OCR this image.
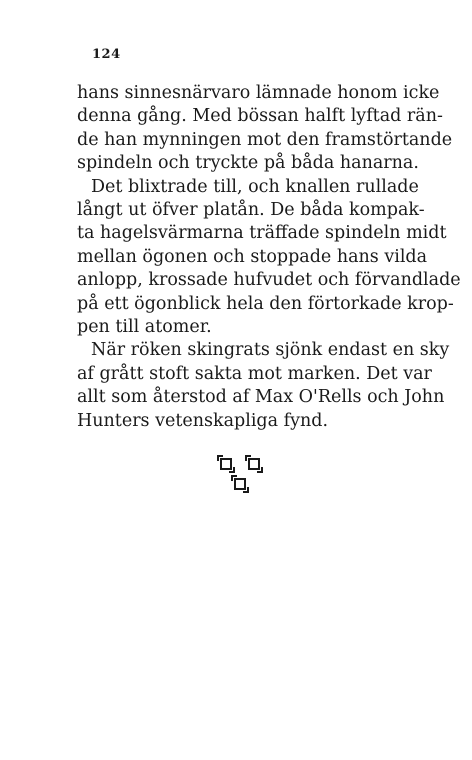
124
hans sinnesnärvaro lämnade honom icke
denna gång. Med bössan halft lyftad rän-
de han mynningen mot den framstörtande
spindeln och tryckte på båda hanarna.
Det blixtrade till, och knallen rullade
långt ut öfver platån. De båda kompak-
ta hagelsvärmarna träffade spindeln midt
mellan ögonen och stoppade hans vilda
anlopp, krossade hufvudet och förvandlade
på ett ögonblick hela den förtorkade krop-
pen till atomer.
När röken skingrats sjönk endast en sky
af grått stoft sakta mot marken. Det var
allt som återstod af Max O'Rells och John
Hunters vetenskapliga fynd.
